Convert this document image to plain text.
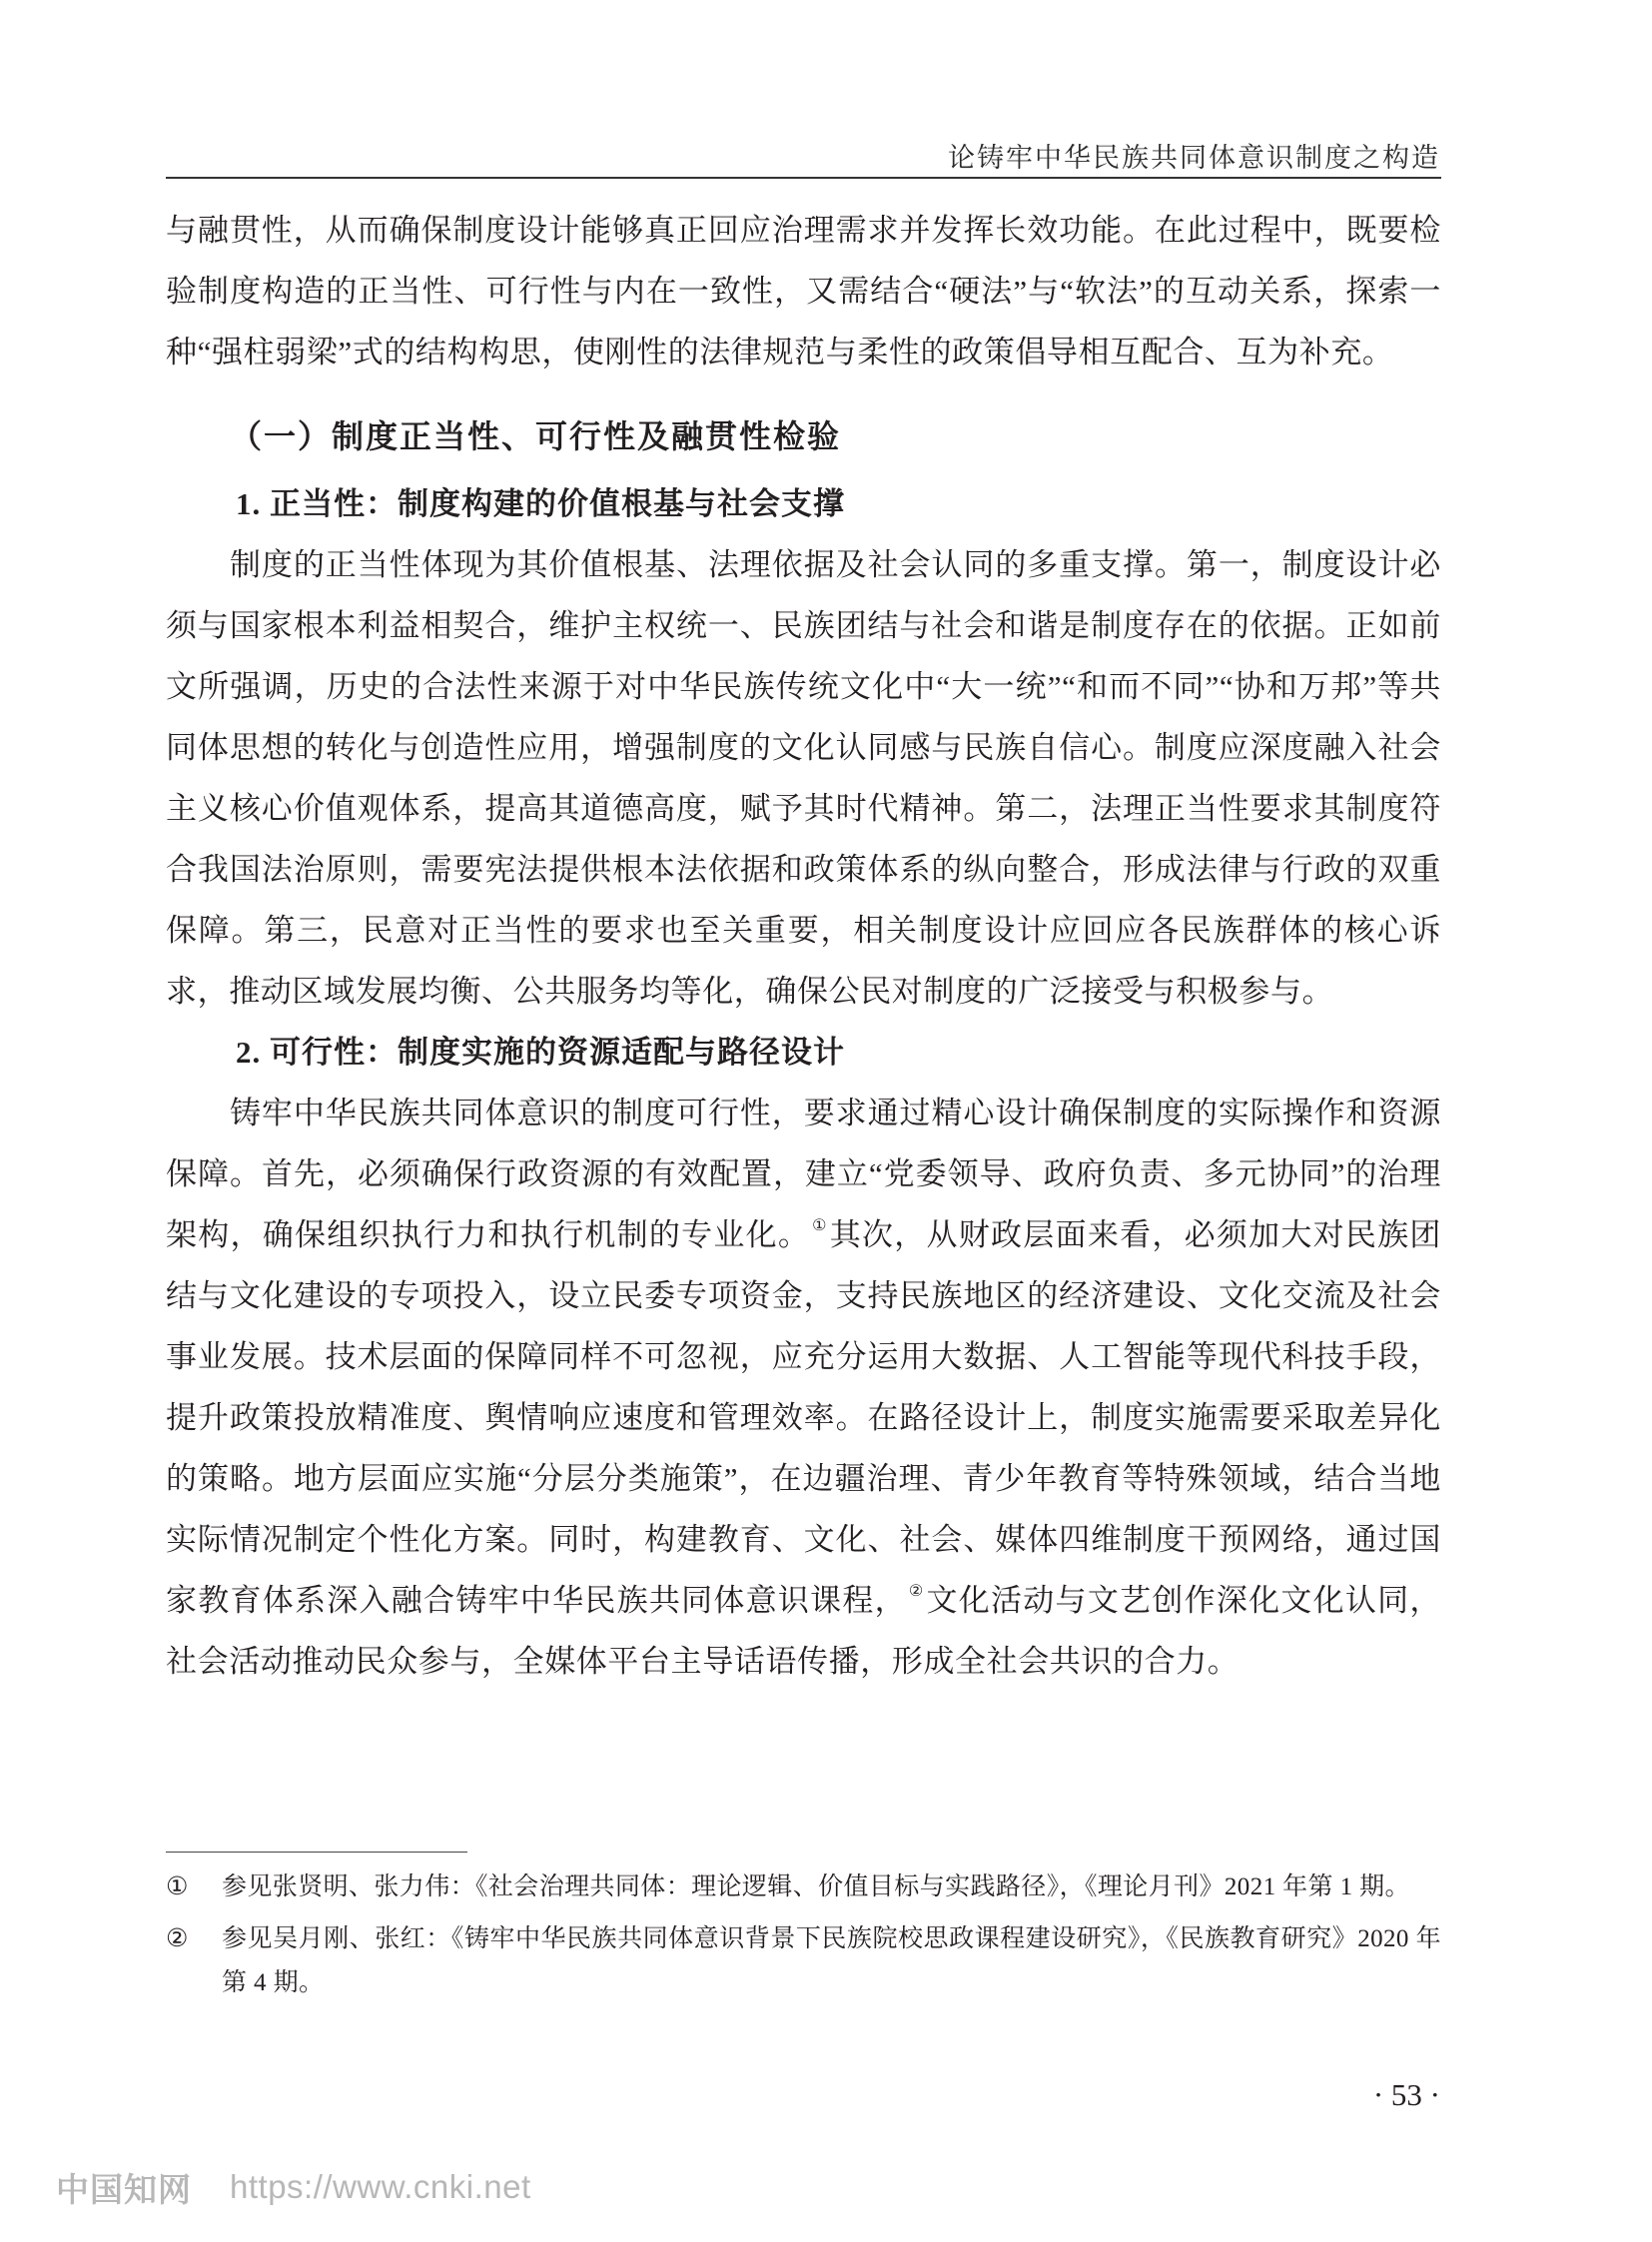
论铸牢中华民族共同体意识制度之构造

与融贯性，从而确保制度设计能够真正回应治理需求并发挥长效功能。在此过程中，既要检验制度构造的正当性、可行性与内在一致性，又需结合“硬法”与“软法”的互动关系，探索一种“强柱弱梁”式的结构构思，使刚性的法律规范与柔性的政策倡导相互配合、互为补充。

（一）制度正当性、可行性及融贯性检验
1. 正当性：制度构建的价值根基与社会支撑

制度的正当性体现为其价值根基、法理依据及社会认同的多重支撑。第一，制度设计必须与国家根本利益相契合，维护主权统一、民族团结与社会和谐是制度存在的依据。正如前文所强调，历史的合法性来源于对中华民族传统文化中“大一统”“和而不同”“协和万邦”等共同体思想的转化与创造性应用，增强制度的文化认同感与民族自信心。制度应深度融入社会主义核心价值观体系，提高其道德高度，赋予其时代精神。第二，法理正当性要求其制度符合我国法治原则，需要宪法提供根本法依据和政策体系的纵向整合，形成法律与行政的双重保障。第三，民意对正当性的要求也至关重要，相关制度设计应回应各民族群体的核心诉求，推动区域发展均衡、公共服务均等化，确保公民对制度的广泛接受与积极参与。

2. 可行性：制度实施的资源适配与路径设计

铸牢中华民族共同体意识的制度可行性，要求通过精心设计确保制度的实际操作和资源保障。首先，必须确保行政资源的有效配置，建立“党委领导、政府负责、多元协同”的治理架构，确保组织执行力和执行机制的专业化。 ①其次，从财政层面来看，必须加大对民族团结与文化建设的专项投入，设立民委专项资金，支持民族地区的经济建设、文化交流及社会事业发展。技术层面的保障同样不可忽视，应充分运用大数据、人工智能等现代科技手段，提升政策投放精准度、舆情响应速度和管理效率。在路径设计上，制度实施需要采取差异化的策略。地方层面应实施“分层分类施策”，在边疆治理、青少年教育等特殊领域，结合当地实际情况制定个性化方案。同时，构建教育、文化、社会、媒体四维制度干预网络，通过国家教育体系深入融合铸牢中华民族共同体意识课程， ②文化活动与文艺创作深化文化认同，社会活动推动民众参与，全媒体平台主导话语传播，形成全社会共识的合力。

① 参见张贤明、张力伟：《社会治理共同体：理论逻辑、价值目标与实践路径》，《理论月刊》2021 年第 1 期。

② 参见吴月刚、张红：《铸牢中华民族共同体意识背景下民族院校思政课程建设研究》，《民族教育研究》2020 年第 4 期。

· 53 ·
中国知网 https://www.cnki.net
